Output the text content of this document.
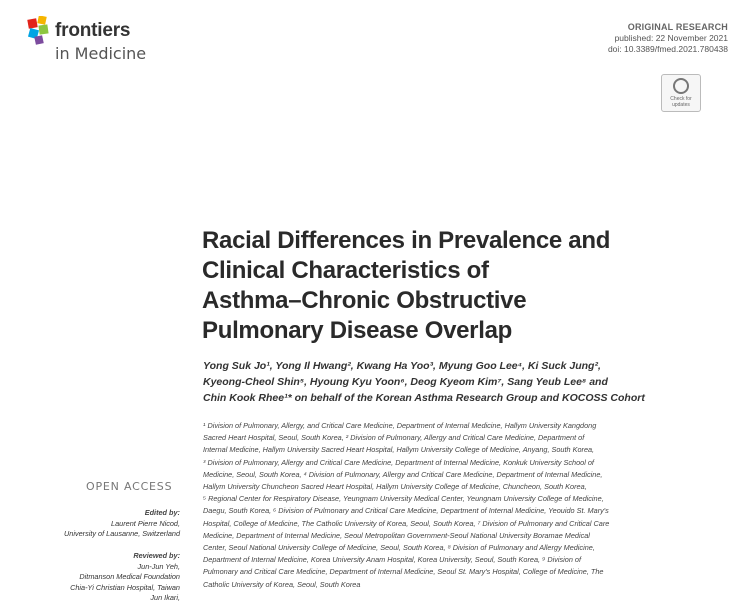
frontiers
in Medicine
ORIGINAL RESEARCH
published: 22 November 2021
doi: 10.3389/fmed.2021.780438
Check for
updates
Racial Differences in Prevalence and
Clinical Characteristics of
Asthma–Chronic Obstructive
Pulmonary Disease Overlap
Yong Suk Jo¹, Yong Il Hwang², Kwang Ha Yoo³, Myung Goo Lee⁴, Ki Suck Jung²,
Kyeong-Cheol Shin⁵, Hyoung Kyu Yoon⁶, Deog Kyeom Kim⁷, Sang Yeub Lee⁸ and
Chin Kook Rhee¹* on behalf of the Korean Asthma Research Group and KOCOSS Cohort
¹ Division of Pulmonary, Allergy, and Critical Care Medicine, Department of Internal Medicine, Hallym University Kangdong
Sacred Heart Hospital, Seoul, South Korea, ² Division of Pulmonary, Allergy and Critical Care Medicine, Department of
Internal Medicine, Hallym University Sacred Heart Hospital, Hallym University College of Medicine, Anyang, South Korea,
³ Division of Pulmonary, Allergy and Critical Care Medicine, Department of Internal Medicine, Konkuk University School of
Medicine, Seoul, South Korea, ⁴ Division of Pulmonary, Allergy and Critical Care Medicine, Department of Internal Medicine,
Hallym University Chuncheon Sacred Heart Hospital, Hallym University College of Medicine, Chuncheon, South Korea,
⁵ Regional Center for Respiratory Disease, Yeungnam University Medical Center, Yeungnam University College of Medicine,
Daegu, South Korea, ⁶ Division of Pulmonary and Critical Care Medicine, Department of Internal Medicine, Yeouido St. Mary's
Hospital, College of Medicine, The Catholic University of Korea, Seoul, South Korea, ⁷ Division of Pulmonary and Critical Care
Medicine, Department of Internal Medicine, Seoul Metropolitan Government-Seoul National University Boramae Medical
Center, Seoul National University College of Medicine, Seoul, South Korea, ⁸ Division of Pulmonary and Allergy Medicine,
Department of Internal Medicine, Korea University Anam Hospital, Korea University, Seoul, South Korea, ⁹ Division of
Pulmonary and Critical Care Medicine, Department of Internal Medicine, Seoul St. Mary's Hospital, College of Medicine, The
Catholic University of Korea, Seoul, South Korea
OPEN ACCESS
Edited by:
Laurent Pierre Nicod,
University of Lausanne, Switzerland
Reviewed by:
Jun-Jun Yeh,
Ditmanson Medical Foundation
Chia-Yi Christian Hospital, Taiwan
Jun Ikari,
